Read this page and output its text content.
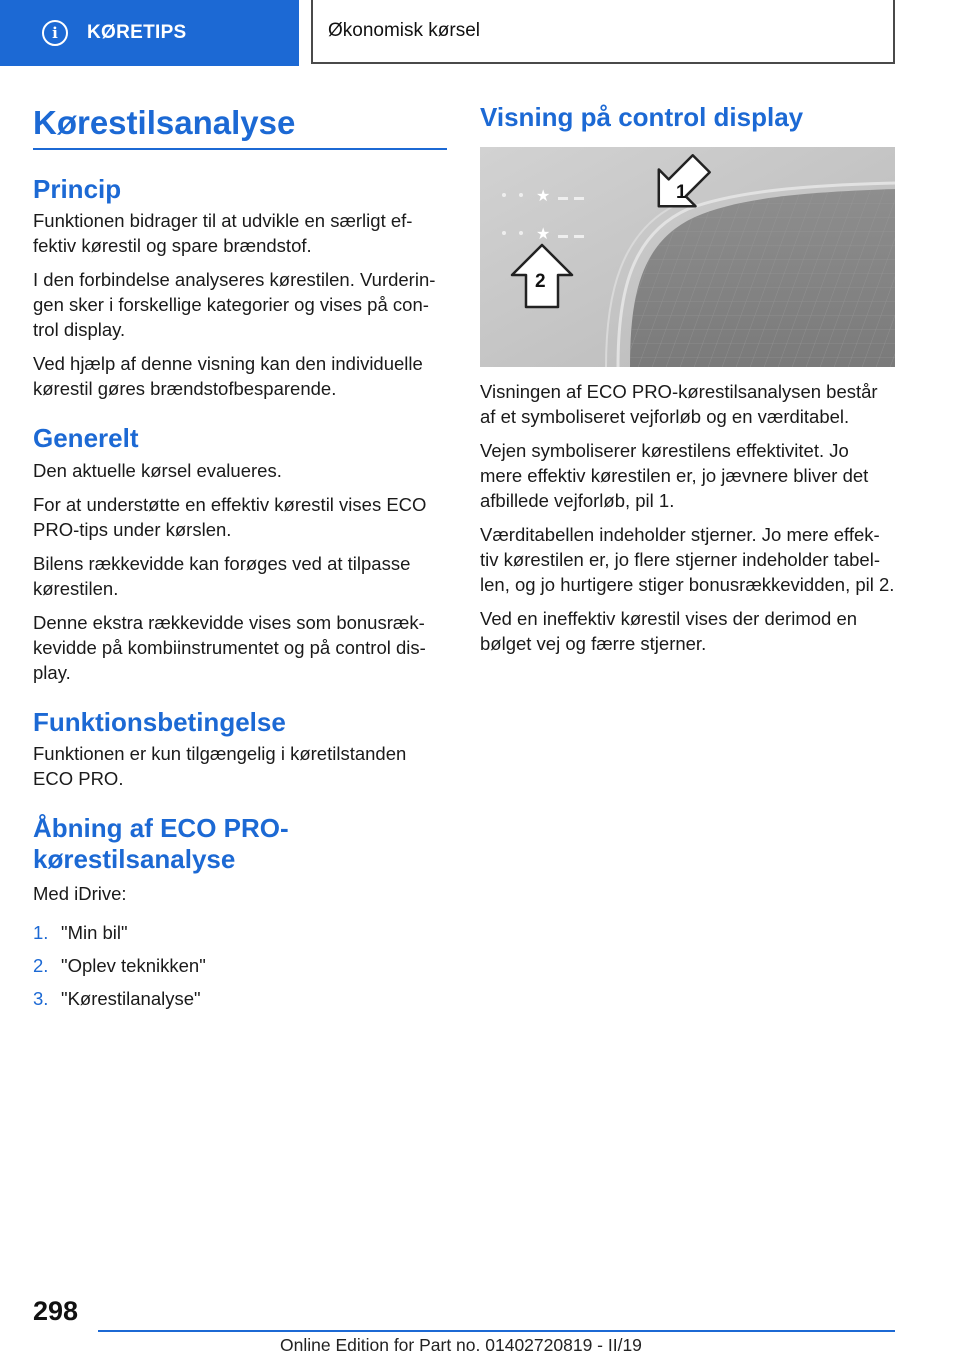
i	KØRETIPS	Økonomisk kørsel
Kørestilsanalyse
Princip

Funktionen bidrager til at udvikle en særligt ef-fektiv kørestil og spare brændstof.

I den forbindelse analyseres kørestilen. Vurderin-gen sker i forskellige kategorier og vises på con-trol display.

Ved hjælp af denne visning kan den individuelle kørestil gøres brændstofbesparende.

Generelt

Den aktuelle kørsel evalueres.

For at understøtte en effektiv kørestil vises ECO PRO-tips under kørslen.

Bilens rækkevidde kan forøges ved at tilpasse kørestilen.

Denne ekstra rækkevidde vises som bonusræk-kevidde på kombiinstrumentet og på control dis-play.

Funktionsbetingelse

Funktionen er kun tilgængelig i køretilstanden ECO PRO.

Åbning af ECO PRO-kørestilsanalyse

Med iDrive:

1. "Min bil"
2. "Oplev teknikken"
3. "Kørestilanalyse"
Visning på control display
★
★
1
2

Visningen af ECO PRO-kørestilsanalysen består af et symboliseret vejforløb og en værditabel.

Vejen symboliserer kørestilens effektivitet. Jo mere effektiv kørestilen er, jo jævnere bliver det afbillede vejforløb, pil 1.

Værditabellen indeholder stjerner. Jo mere effek-tiv kørestilen er, jo flere stjerner indeholder tabel-len, og jo hurtigere stiger bonusrækkevidden, pil 2.

Ved en ineffektiv kørestil vises der derimod en bølget vej og færre stjerner.

298
Online Edition for Part no. 01402720819 - II/19
